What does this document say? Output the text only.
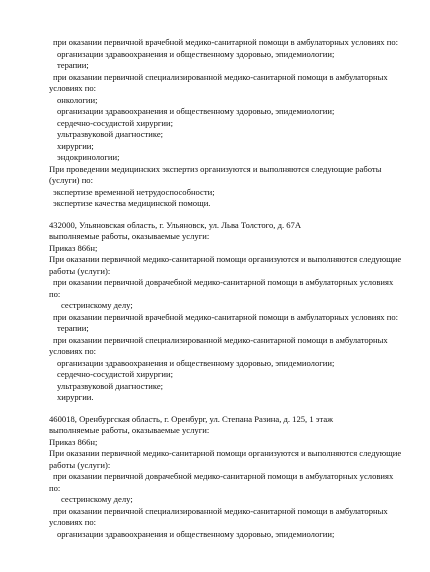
при оказании первичной врачебной медико-санитарной помощи в амбулаторных условиях по:
организации здравоохранения и общественному здоровью, эпидемиологии;
терапии;
при оказании первичной специализированной медико-санитарной помощи в амбулаторных
условиях по:
онкологии;
организации здравоохранения и общественному здоровью, эпидемиологии;
сердечно-сосудистой хирургии;
ультразвуковой диагностике;
хирургии;
эндокринологии;
При проведении медицинских экспертиз организуются и выполняются следующие работы
(услуги) по:
экспертизе временной нетрудоспособности;
экспертизе качества медицинской помощи.
432000, Ульяновская область, г. Ульяновск, ул. Льва Толстого, д. 67А
выполняемые работы, оказываемые услуги:
Приказ 866н;
При оказании первичной медико-санитарной помощи организуются и выполняются следующие
работы (услуги):
при оказании первичной доврачебной медико-санитарной помощи в амбулаторных условиях
по:
сестринскому делу;
при оказании первичной врачебной медико-санитарной помощи в амбулаторных условиях по:
терапии;
при оказании первичной специализированной медико-санитарной помощи в амбулаторных
условиях по:
организации здравоохранения и общественному здоровью, эпидемиологии;
сердечно-сосудистой хирургии;
ультразвуковой диагностике;
хирургии.
460018, Оренбургская область, г. Оренбург, ул. Степана Разина, д. 125, 1 этаж
выполняемые работы, оказываемые услуги:
Приказ 866н;
При оказании первичной медико-санитарной помощи организуются и выполняются следующие
работы (услуги):
при оказании первичной доврачебной медико-санитарной помощи в амбулаторных условиях
по:
сестринскому делу;
при оказании первичной специализированной медико-санитарной помощи в амбулаторных
условиях по:
организации здравоохранения и общественному здоровью, эпидемиологии;
